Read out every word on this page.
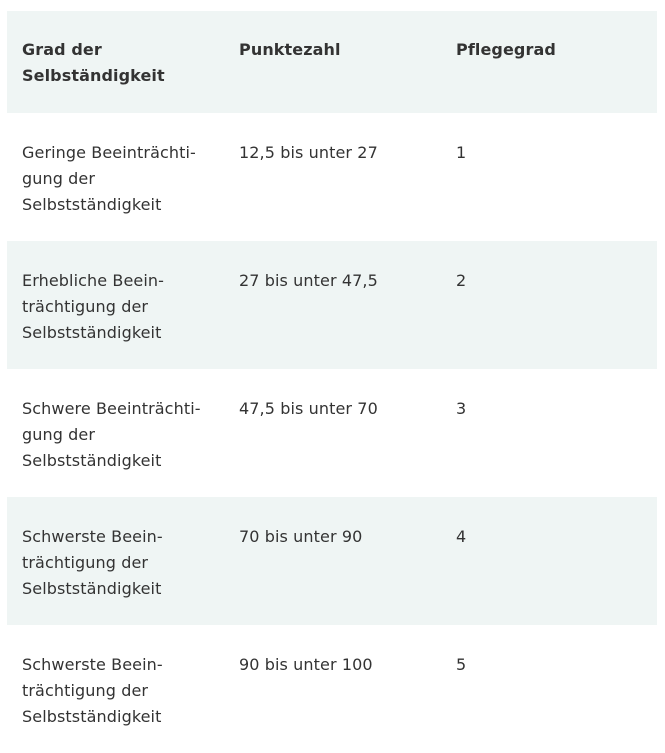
Grad der Selbständigkeit	Punktezahl	Pflegegrad
Geringe Beeinträchti-gung der Selbstständigkeit	12,5 bis unter 27	1
Erhebliche Beein-trächtigung der Selbstständigkeit	27 bis unter 47,5	2
Schwere Beeinträchti-gung der Selbstständigkeit	47,5 bis unter 70	3
Schwerste Beein-trächtigung der Selbstständigkeit	70 bis unter 90	4
Schwerste Beein-trächtigung der Selbstständigkeit	90 bis unter 100	5
